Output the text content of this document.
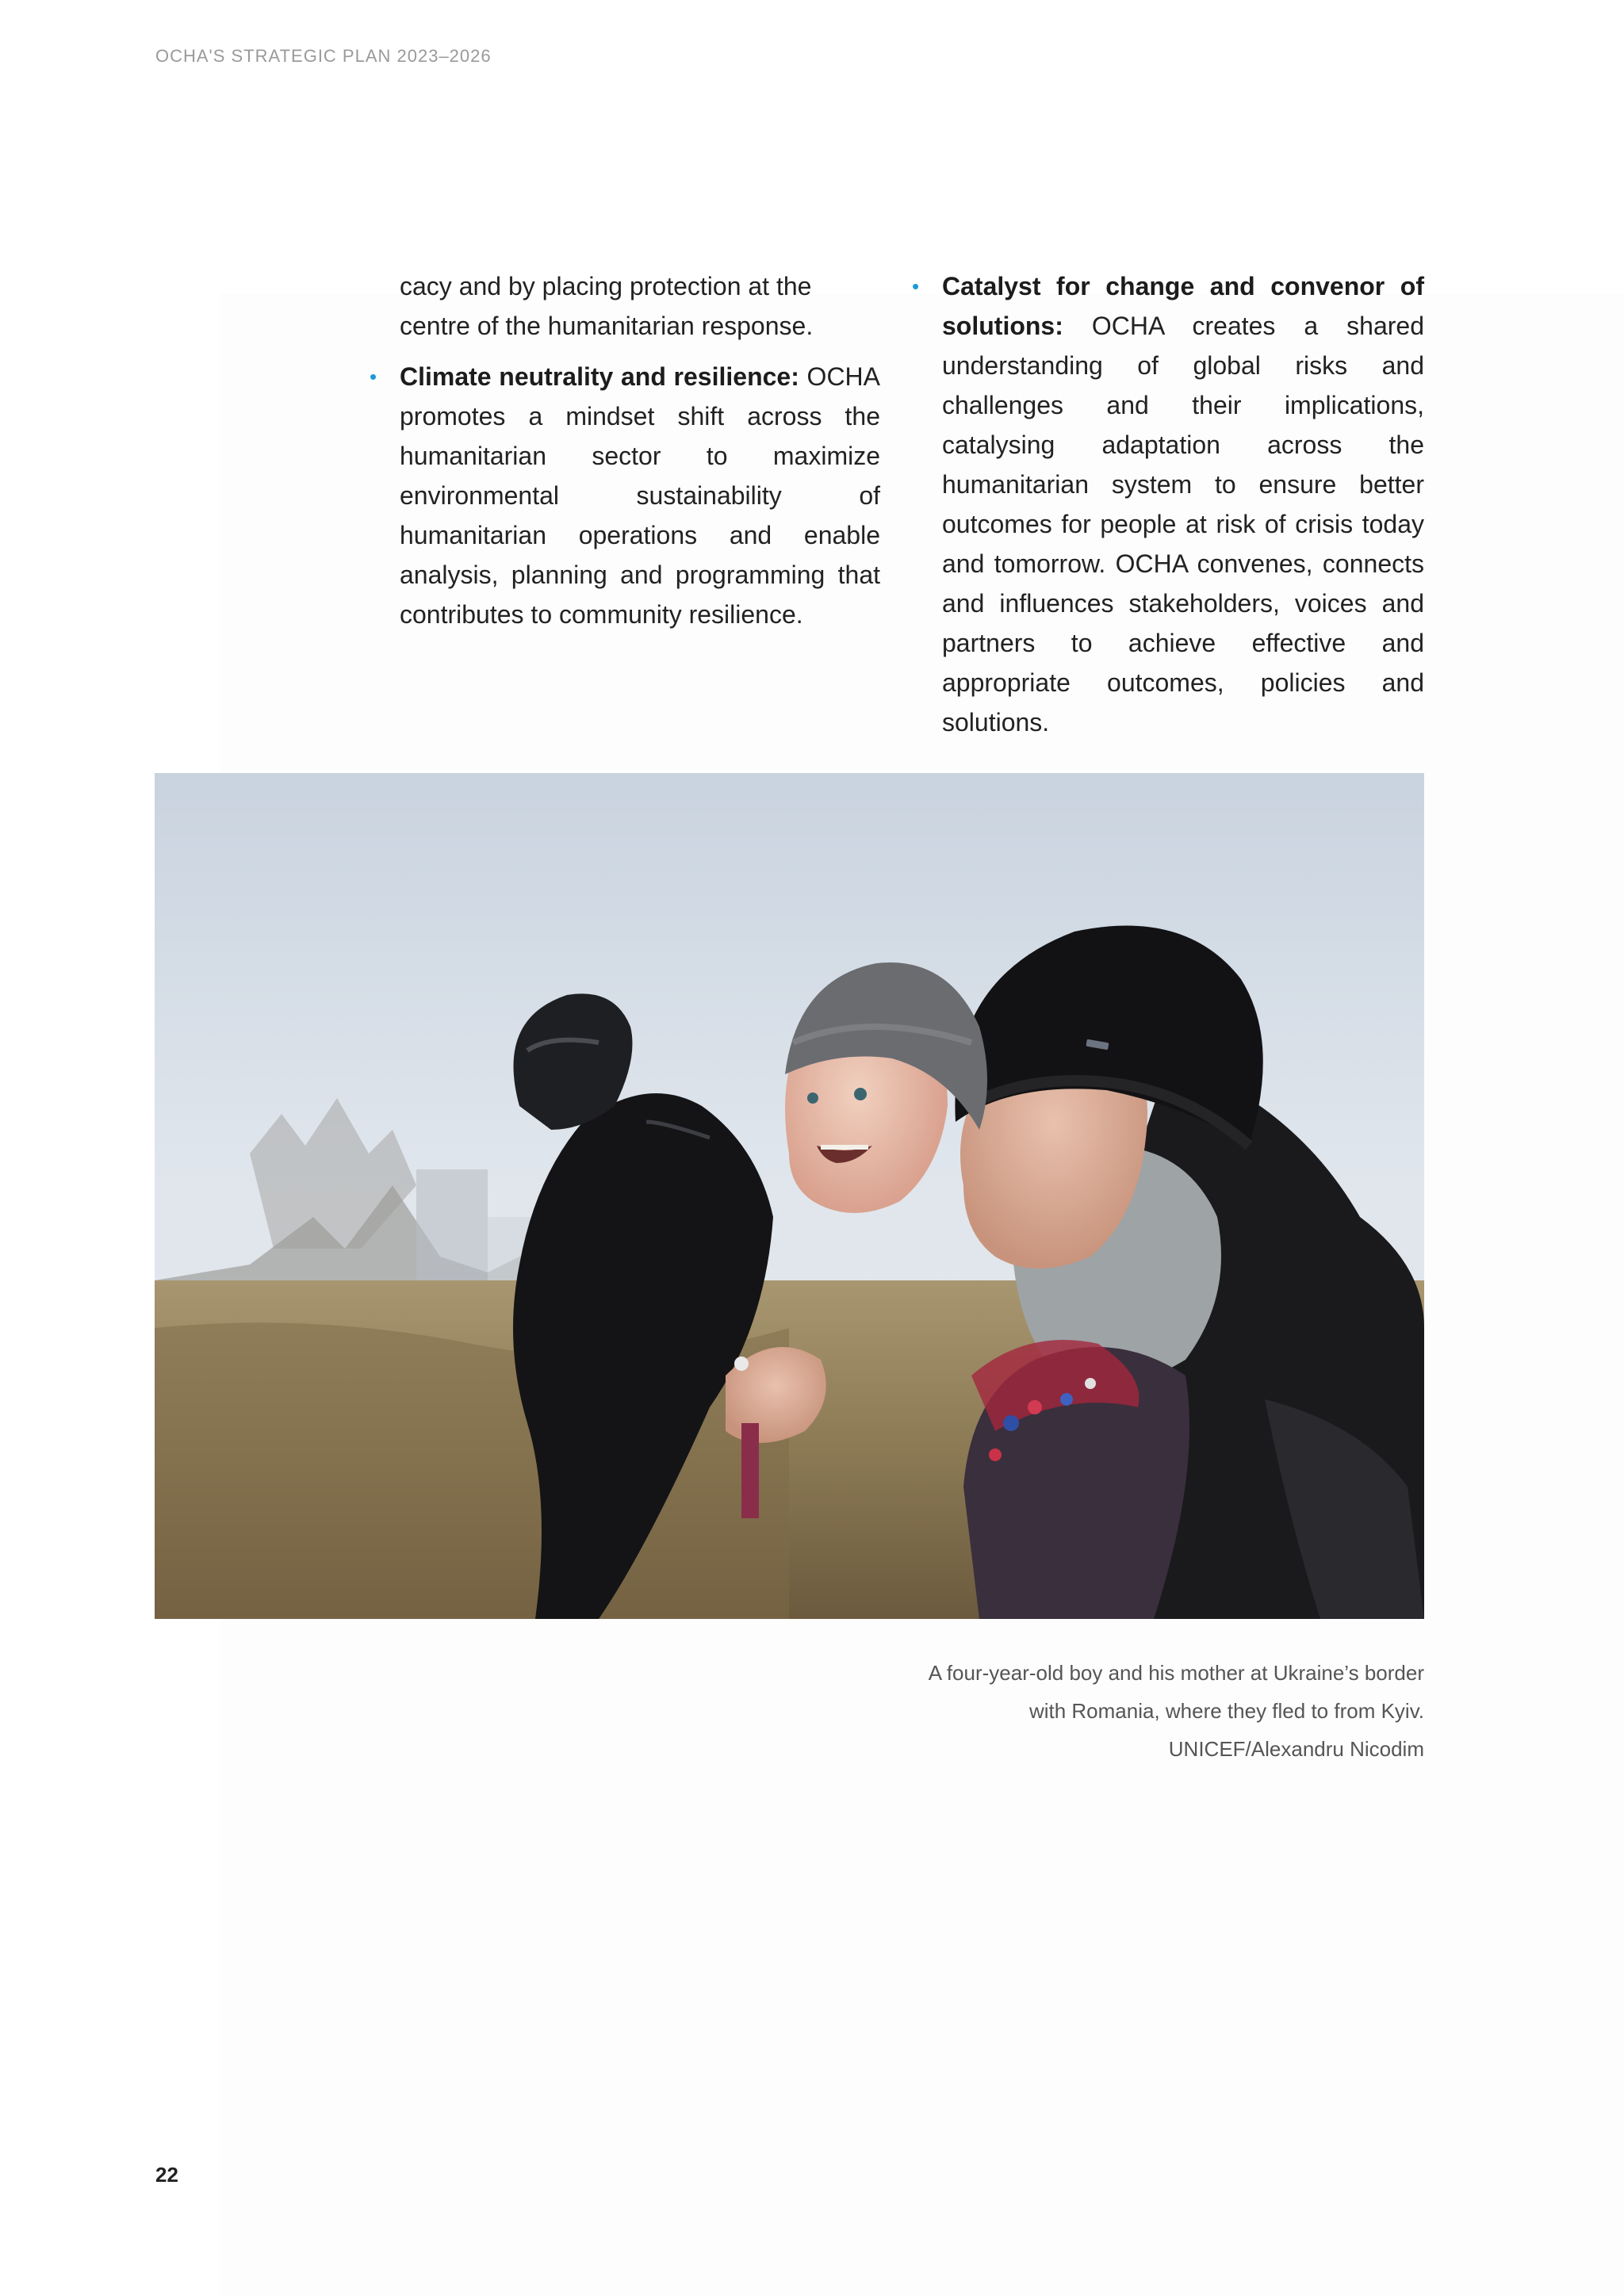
OCHA'S STRATEGIC PLAN 2023–2026

cacy and by placing protection at the centre of the humanitarian response.

• Climate neutrality and resilience: OCHA promotes a mindset shift across the humanitarian sector to maximize environmental sustainability of humanitarian operations and enable analysis, planning and programming that contributes to community resilience.

• Catalyst for change and convenor of solutions: OCHA creates a shared understanding of global risks and challenges and their implications, catalysing adaptation across the humanitarian system to ensure better outcomes for people at risk of crisis today and tomorrow. OCHA convenes, connects and influences stakeholders, voices and partners to achieve effective and appropriate outcomes, policies and solutions.

A four-year-old boy and his mother at Ukraine’s border
with Romania, where they fled to from Kyiv.
UNICEF/Alexandru Nicodim
22
